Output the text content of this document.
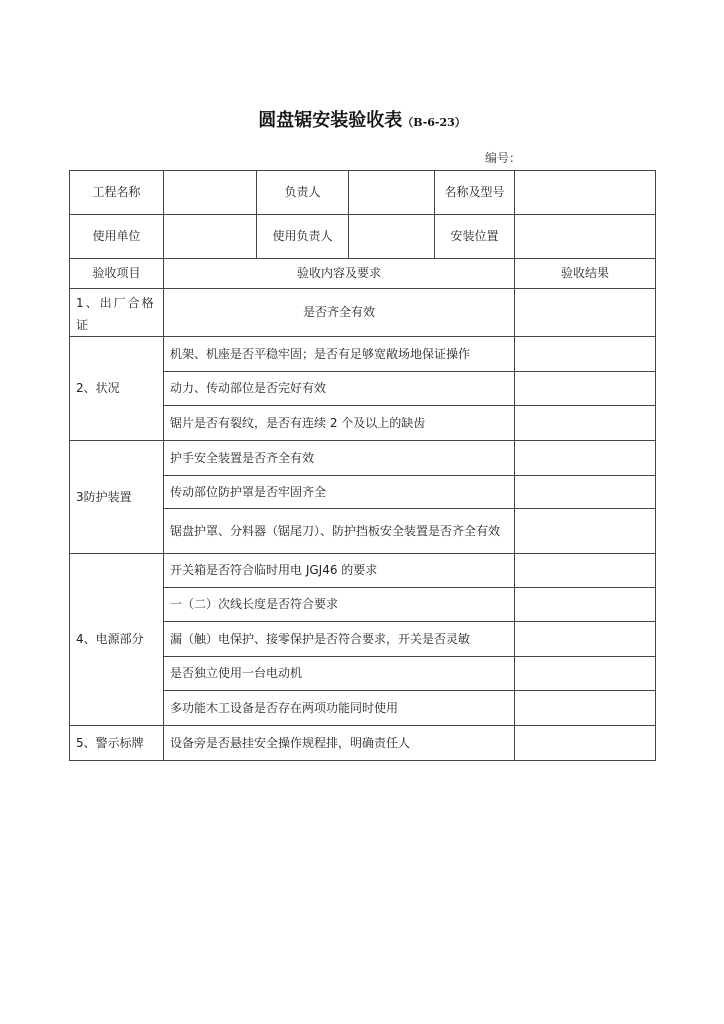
圆盘锯安装验收表（B-6-23）
编号：
工程名称		负责人		名称及型号	
使用单位		使用负责人		安装位置	
验收项目	验收内容及要求				验收结果
1、出厂合格证	是否齐全有效				
2、状况	机架、机座是否平稳牢固；是否有足够宽敞场地保证操作				
	动力、传动部位是否完好有效				
	锯片是否有裂纹，是否有连续 2 个及以上的缺齿				
3防护装置	护手安全装置是否齐全有效				
	传动部位防护罩是否牢固齐全				
	锯盘护罩、分料器（锯尾刀）、防护挡板安全装置是否齐全有效				
4、电源部分	开关箱是否符合临时用电 JGJ46 的要求				
	一（二）次线长度是否符合要求				
	漏（触）电保护、接零保护是否符合要求，开关是否灵敏				
	是否独立使用一台电动机				
	多功能木工设备是否存在两项功能同时使用				
5、警示标牌	设备旁是否悬挂安全操作规程排，明确责任人				
